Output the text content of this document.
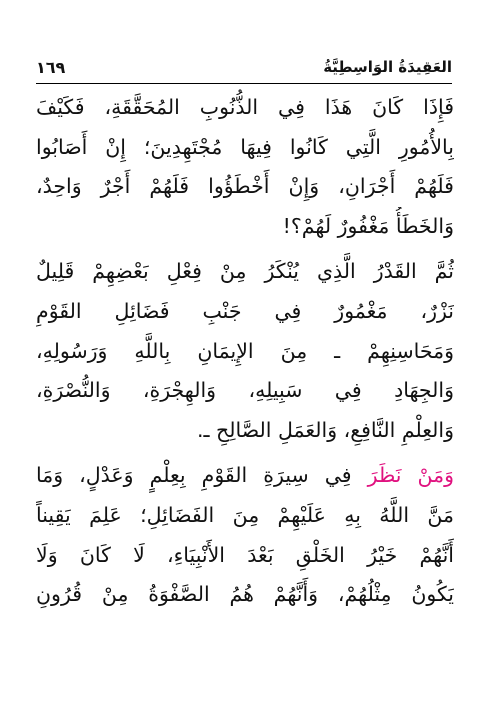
العَقِيدَةُ الوَاسِطِيَّةُ
١٦٩
فَإِذَا كَانَ هَذَا فِي الذُّنُوبِ المُحَقَّقَةِ، فَكَيْفَ
بِالأُمُورِ الَّتِي كَانُوا فِيهَا مُجْتَهِدِينَ؛ إِنْ أَصَابُوا
فَلَهُمْ أَجْرَانِ، وَإِنْ أَخْطَؤُوا فَلَهُمْ أَجْرٌ وَاحِدٌ،
وَالخَطَأُ مَغْفُورٌ لَهُمْ؟!
ثُمَّ القَدْرُ الَّذِي يُنْكَرُ مِنْ فِعْلِ بَعْضِهِمْ قَلِيلٌ
نَزْرٌ، مَغْمُورٌ فِي جَنْبِ فَضَائِلِ القَوْمِ
وَمَحَاسِنِهِمْ ـ مِنَ الإِيمَانِ بِاللَّهِ وَرَسُولِهِ،
وَالجِهَادِ فِي سَبِيلِهِ، وَالهِجْرَةِ، وَالنُّصْرَةِ،
وَالعِلْمِ النَّافِعِ، وَالعَمَلِ الصَّالِحِ ـ.
وَمَنْ نَظَرَ فِي سِيرَةِ القَوْمِ بِعِلْمٍ وَعَدْلٍ، وَمَا
مَنَّ اللَّهُ بِهِ عَلَيْهِمْ مِنَ الفَضَائِلِ؛ عَلِمَ يَقِيناً
أَنَّهُمْ خَيْرُ الخَلْقِ بَعْدَ الأَنْبِيَاءِ، لَا كَانَ وَلَا
يَكُونُ مِثْلُهُمْ، وَأَنَّهُمْ هُمُ الصَّفْوَةُ مِنْ قُرُونِ
